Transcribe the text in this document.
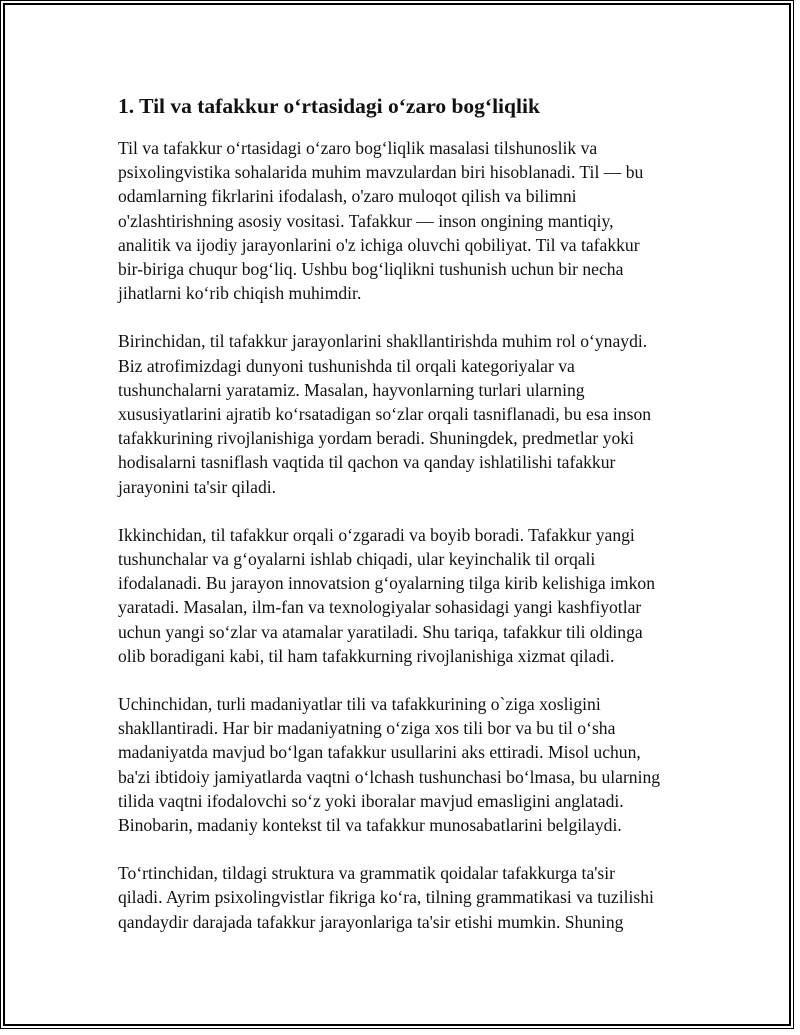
1. Til va tafakkur o‘rtasidagi o‘zaro bog‘liqlik

Til va tafakkur o‘rtasidagi o‘zaro bog‘liqlik masalasi tilshunoslik va
psixolingvistika sohalarida muhim mavzulardan biri hisoblanadi. Til — bu
odamlarning fikrlarini ifodalash, o'zaro muloqot qilish va bilimni
o'zlashtirishning asosiy vositasi. Tafakkur — inson ongining mantiqiy,
analitik va ijodiy jarayonlarini o'z ichiga oluvchi qobiliyat. Til va tafakkur
bir-biriga chuqur bog‘liq. Ushbu bog‘liqlikni tushunish uchun bir necha
jihatlarni ko‘rib chiqish muhimdir.

Birinchidan, til tafakkur jarayonlarini shakllantirishda muhim rol o‘ynaydi.
Biz atrofimizdagi dunyoni tushunishda til orqali kategoriyalar va
tushunchalarni yaratamiz. Masalan, hayvonlarning turlari ularning
xususiyatlarini ajratib ko‘rsatadigan so‘zlar orqali tasniflanadi, bu esa inson
tafakkurining rivojlanishiga yordam beradi. Shuningdek, predmetlar yoki
hodisalarni tasniflash vaqtida til qachon va qanday ishlatilishi tafakkur
jarayonini ta'sir qiladi.

Ikkinchidan, til tafakkur orqali o‘zgaradi va boyib boradi. Tafakkur yangi
tushunchalar va g‘oyalarni ishlab chiqadi, ular keyinchalik til orqali
ifodalanadi. Bu jarayon innovatsion g‘oyalarning tilga kirib kelishiga imkon
yaratadi. Masalan, ilm-fan va texnologiyalar sohasidagi yangi kashfiyotlar
uchun yangi so‘zlar va atamalar yaratiladi. Shu tariqa, tafakkur tili oldinga
olib boradigani kabi, til ham tafakkurning rivojlanishiga xizmat qiladi.

Uchinchidan, turli madaniyatlar tili va tafakkurining o`ziga xosligini
shakllantiradi. Har bir madaniyatning o‘ziga xos tili bor va bu til o‘sha
madaniyatda mavjud bo‘lgan tafakkur usullarini aks ettiradi. Misol uchun,
ba'zi ibtidoiy jamiyatlarda vaqtni o‘lchash tushunchasi bo‘lmasa, bu ularning
tilida vaqtni ifodalovchi so‘z yoki iboralar mavjud emasligini anglatadi.
Binobarin, madaniy kontekst til va tafakkur munosabatlarini belgilaydi.

To‘rtinchidan, tildagi struktura va grammatik qoidalar tafakkurga ta'sir
qiladi. Ayrim psixolingvistlar fikriga ko‘ra, tilning grammatikasi va tuzilishi
qandaydir darajada tafakkur jarayonlariga ta'sir etishi mumkin. Shuning
